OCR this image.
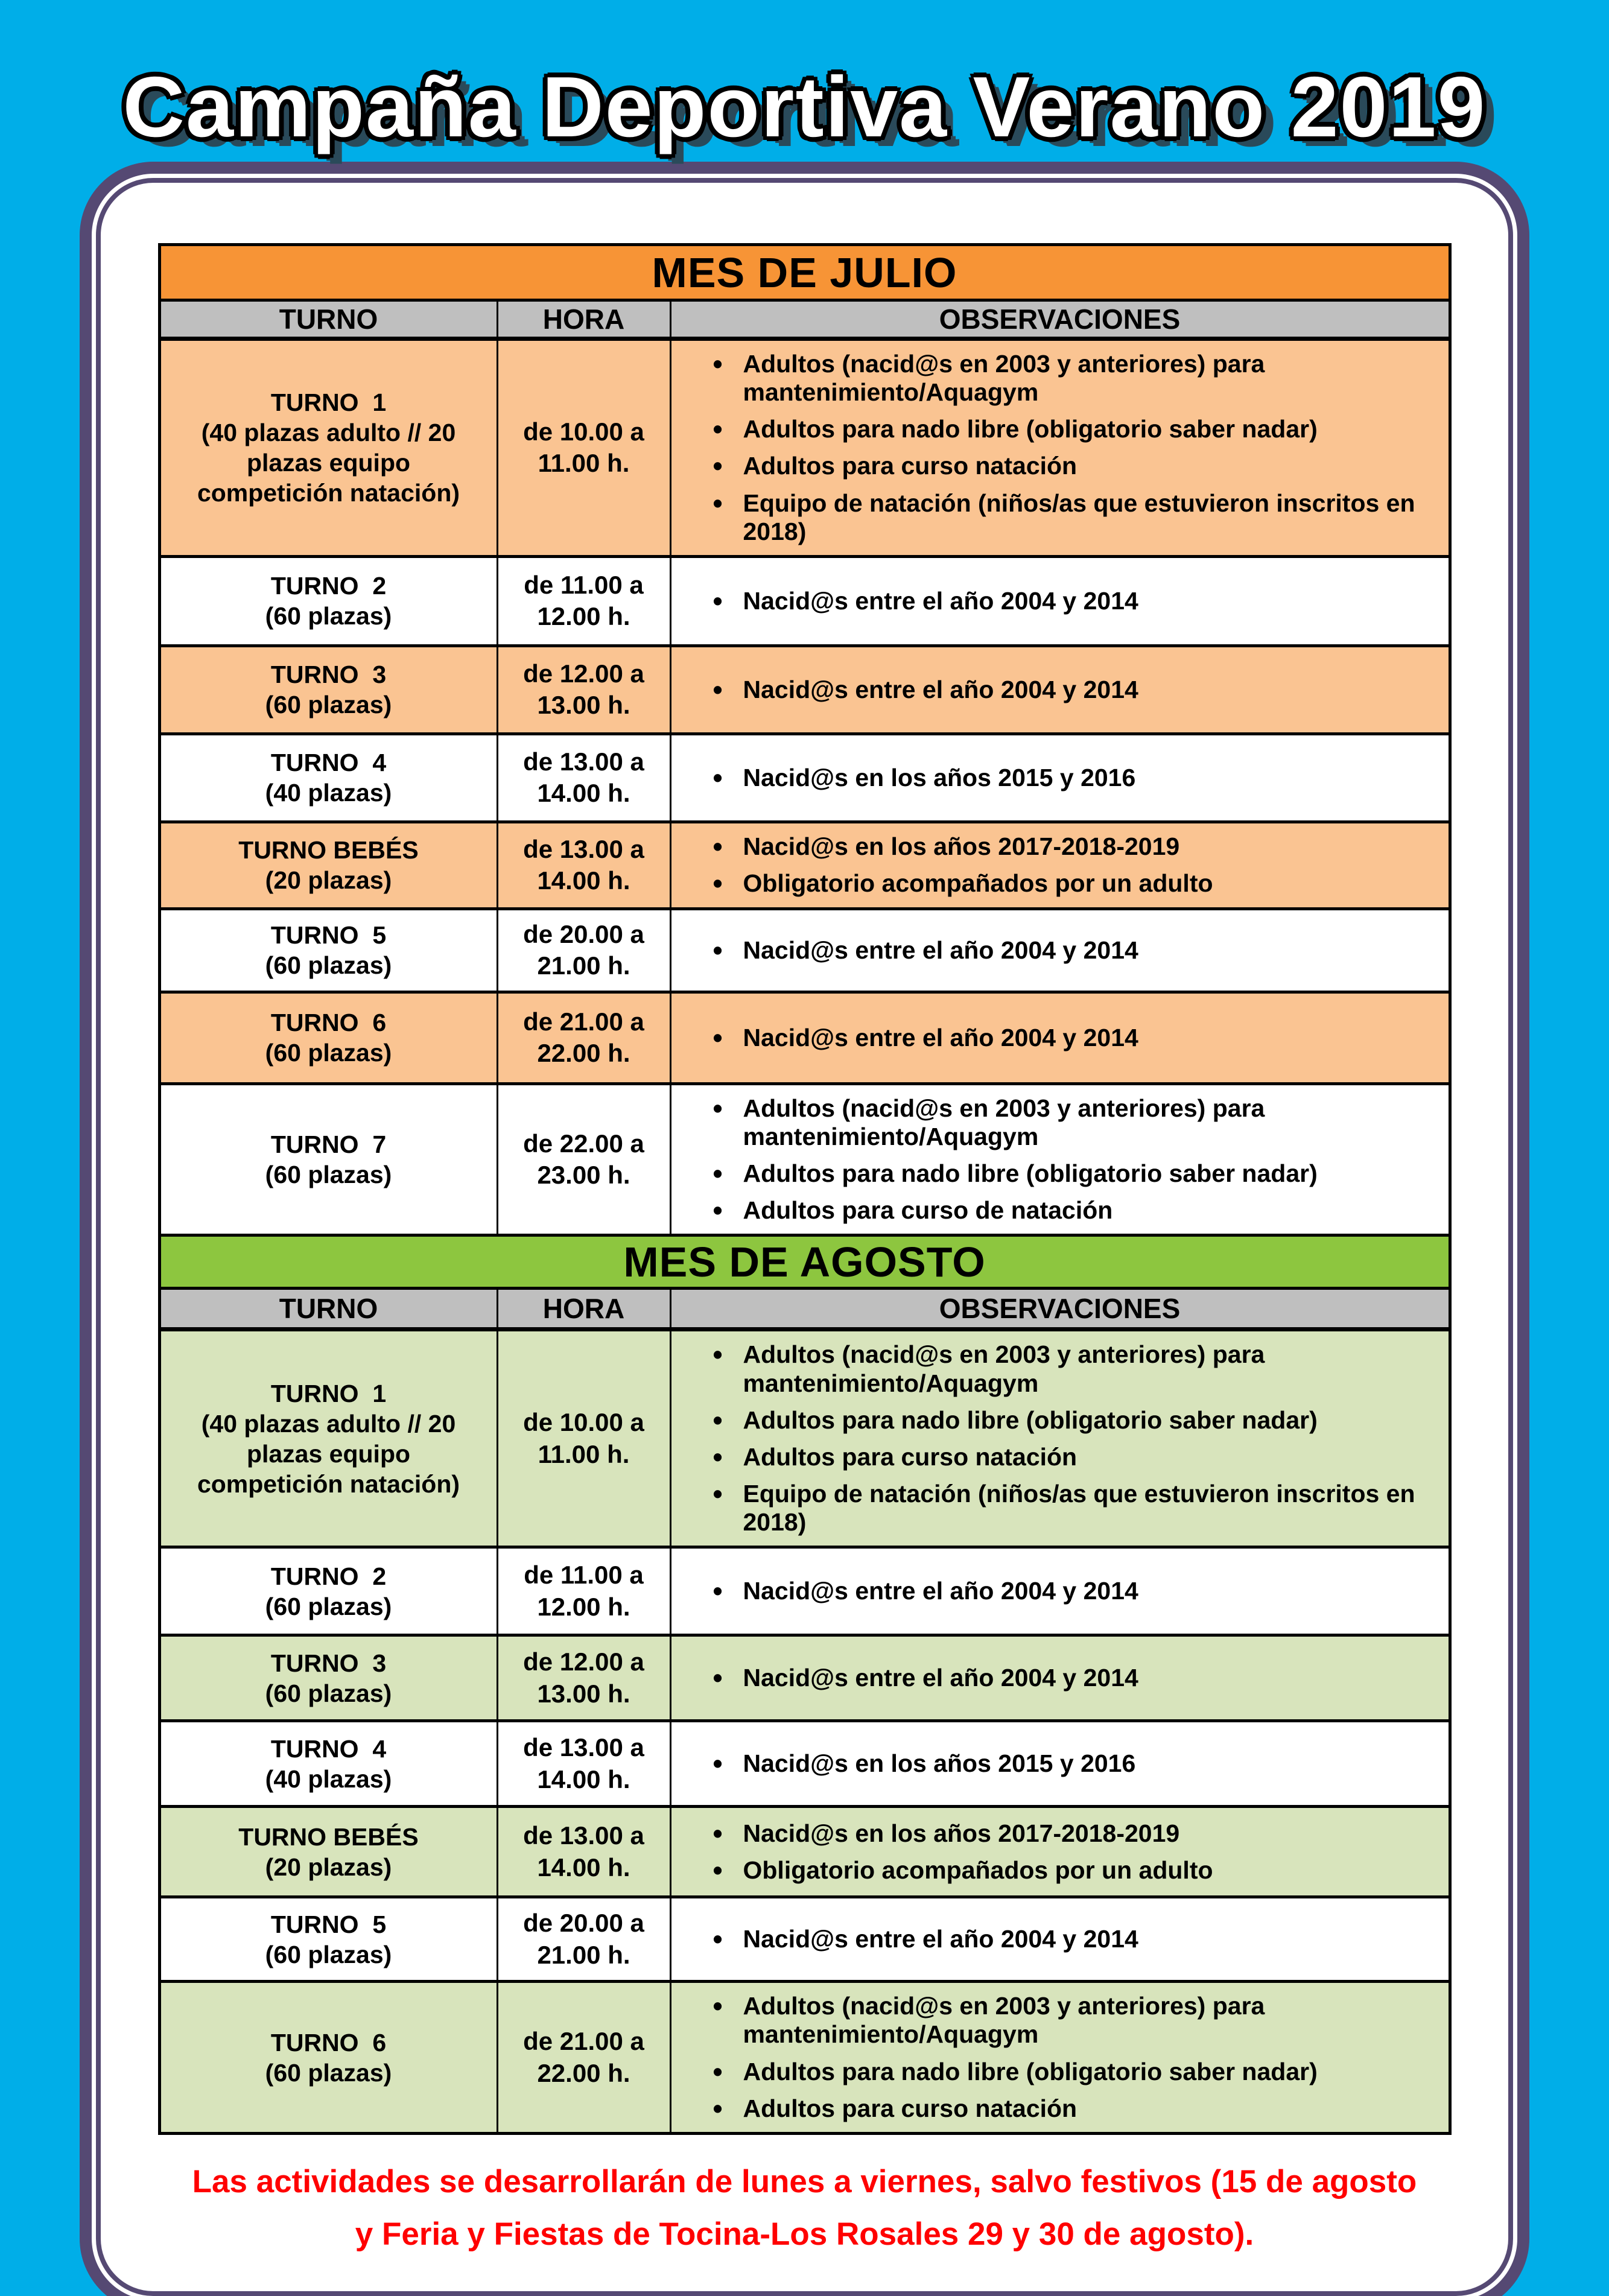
Campaña Deportiva Verano 2019
MES DE JULIO		
TURNO	HORA	OBSERVACIONES

TURNO  1
(40 plazas adulto // 20 plazas equipo competición natación)
	de 10.00 a 11.00 h.	
• Adultos (nacid@s en 2003 y anteriores) para mantenimiento/Aquagym
• Adultos para nado libre (obligatorio saber nadar)
• Adultos para curso natación
• Equipo de natación (niños/as que estuvieron inscritos en 2018)

TURNO  2
(60 plazas)
	de 11.00 a 12.00 h.	
• Nacid@s entre el año 2004 y 2014

TURNO  3
(60 plazas)
	de 12.00 a 13.00 h.	
• Nacid@s entre el año 2004 y 2014

TURNO  4
(40 plazas)
	de 13.00 a 14.00 h.	
• Nacid@s en los años 2015 y 2016

TURNO BEBÉS
(20 plazas)
	de 13.00 a 14.00 h.	
• Nacid@s en los años 2017-2018-2019
• Obligatorio acompañados por un adulto

TURNO  5
(60 plazas)
	de 20.00 a 21.00 h.	
• Nacid@s entre el año 2004 y 2014

TURNO  6
(60 plazas)
	de 21.00 a 22.00 h.	
• Nacid@s entre el año 2004 y 2014

TURNO  7
(60 plazas)
	de 22.00 a 23.00 h.	
• Adultos (nacid@s en 2003 y anteriores) para mantenimiento/Aquagym
• Adultos para nado libre (obligatorio saber nadar)
• Adultos para curso de natación

MES DE AGOSTO		
TURNO	HORA	OBSERVACIONES

TURNO  1
(40 plazas adulto // 20 plazas equipo competición natación)
	de 10.00 a 11.00 h.	
• Adultos (nacid@s en 2003 y anteriores) para mantenimiento/Aquagym
• Adultos para nado libre (obligatorio saber nadar)
• Adultos para curso natación
• Equipo de natación (niños/as que estuvieron inscritos en 2018)

TURNO  2
(60 plazas)
	de 11.00 a 12.00 h.	
• Nacid@s entre el año 2004 y 2014

TURNO  3
(60 plazas)
	de 12.00 a 13.00 h.	
• Nacid@s entre el año 2004 y 2014

TURNO  4
(40 plazas)
	de 13.00 a 14.00 h.	
• Nacid@s en los años 2015 y 2016

TURNO BEBÉS
(20 plazas)
	de 13.00 a 14.00 h.	
• Nacid@s en los años 2017-2018-2019
• Obligatorio acompañados por un adulto

TURNO  5
(60 plazas)
	de 20.00 a 21.00 h.	
• Nacid@s entre el año 2004 y 2014

TURNO  6
(60 plazas)
	de 21.00 a 22.00 h.	
• Adultos (nacid@s en 2003 y anteriores) para mantenimiento/Aquagym
• Adultos para nado libre (obligatorio saber nadar)
• Adultos para curso natación
Las actividades se desarrollarán de lunes a viernes, salvo festivos (15 de agosto
y Feria y Fiestas de Tocina-Los Rosales 29 y 30 de agosto).
